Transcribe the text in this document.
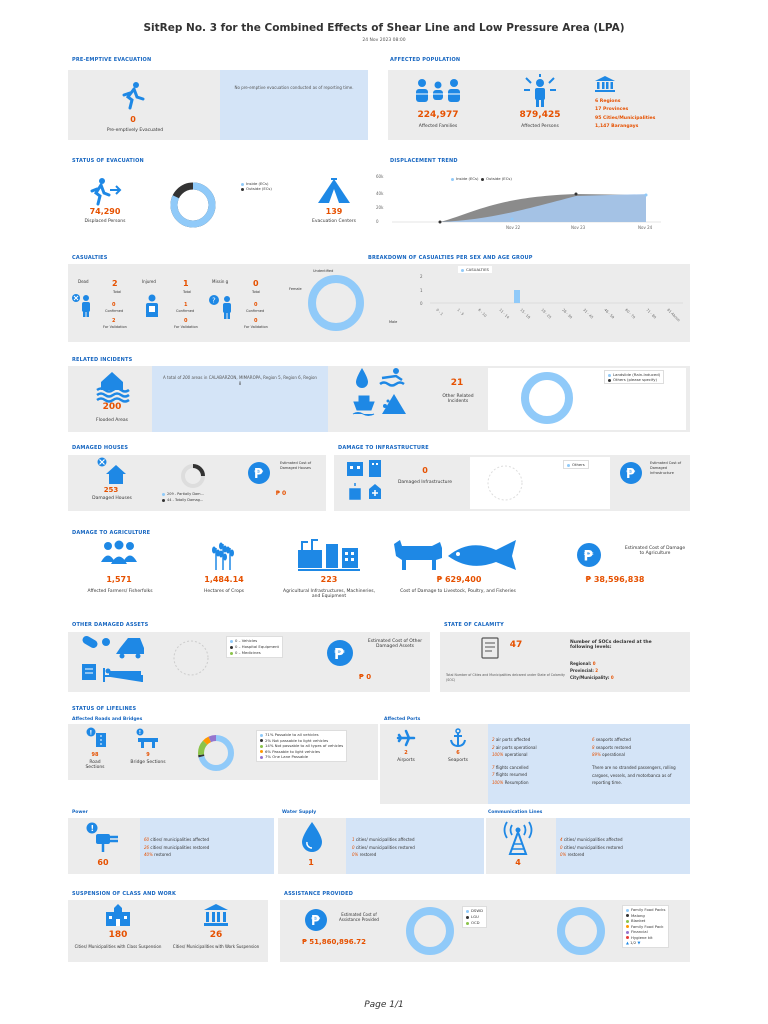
SitRep No. 3 for the Combined Effects of Shear Line and Low Pressure Area (LPA)
24 Nov 2023 08:00
PRE-EMPTIVE EVACUATION
0
Pre-emptively Evacuated
No pre-emptive evacuation conducted as of reporting time.
AFFECTED POPULATION
224,977
Affected Families
879,425
Affected Persons
6 Regions
17 Provinces
95 Cities/Municipalities
1,147 Barangays
STATUS OF EVACUATION
74,290
Displaced Persons
Inside (ECs)
Outside (ECs)
139
Evacuation Centers
DISPLACEMENT TREND
60k
40k
20k
0
Nov 22	Nov 23	Nov 24
Inside (ECs) Outside (ECs)
CASUALTIES
Dead	2
Total
0
Confirmed
2
For Validation
Injured	1
Total
1
Confirmed
0
For Validation
Missin g	0
Total
?
0
Confirmed
0
For Validation
Undentified
Female
Male
BREAKDOWN OF CASUALTIES PER SEX AND AGE GROUP
CASUALTIES
2
1
0
0 - 1	1 - 5	6 - 10	11 - 14	15 - 18	19 - 25	26 - 30	31 - 45	46 - 59	60 - 70	71 - 80	81 Above
RELATED INCIDENTS
200
Flooded Areas
A total of 200 areas in CALABARZON, MIMAROPA, Region 5, Region 6, Region 8	21
Other Related Incidents
Landslide (Rain-Induced)
Others (please specify)
DAMAGED HOUSES
253
Damaged Houses
209 - Partially Dam...
44 - Totally Damag...
₱
Estimated Cost of Damaged Houses
₱ 0
DAMAGE TO INFRASTRUCTURE
0
Damaged Infrastructure
Others
₱
Estimated Cost of Damaged Infrastructure
DAMAGE TO AGRICULTURE
1,571
Affected Farmers/ Fisherfolks
1,484.14
Hectares of Crops
223
Agricultural Infrastructures, Machineries, and Equipment
₱ 629,400
Cost of Damage to Livestock, Poultry, and Fisheries
₱	Estimated Cost of Damage to Agriculture
₱ 38,596,838
OTHER DAMAGED ASSETS
0 – Vehicles
0 – Hospital Equipment
0 – Medicines	₱
Estimated Cost of Other Damaged Assets
₱ 0
STATE OF CALAMITY
47
Total Number of Cities and Municipalities delcared under State of Calamity (SOC)
Number of SOCs declared at the following levels:
Regional: 0
Provincial: 2
City/Municipality: 0
STATUS OF LIFELINES
Affected Roads and Bridges
!
98
Road Sections
!
9
Bridge Sections
71% Passable to all vehicles
2% Not passable to light vehicles
14% Not passable to all types of vehicles
6% Passable to light vehicles
7% One Lane Passable
Affected Ports
2
Airports
6
Seaports
2 air ports affected
2 air ports operational
100% operational
7 flights cancelled
7 flights resumed
100% Resumption
6 seaports affected
8 seaports restored
89% operational
There are no stranded passengers, rolling cargoes, vessels, and motorbanca as of reporting time.
Power
!
60
60 cities/ municipalities affected
26 cities/ municipalities restored
40% restored
Water Supply
1
1 cities/ municipalities affected
0 cities/ municipalities restored
0% restored
Communication Lines
4
4 cities/ municipalities affected
0 cities/ municipalities restored
0% restored
SUSPENSION OF CLASS AND WORK
180
Cities/ Municipalities with Class Suspension
26
Cities/ Municipalities with Work Suspension
ASSISTANCE PROVIDED
₱	Estimated Cost of Assistance Provided
₱ 51,860,896.72
DSWD
LGU
OCD
Family Food Packs
Malong
Blanket
Family Food Pack
Financial
Hygiene kit
▲ 1/2 ▼
Page 1/1
